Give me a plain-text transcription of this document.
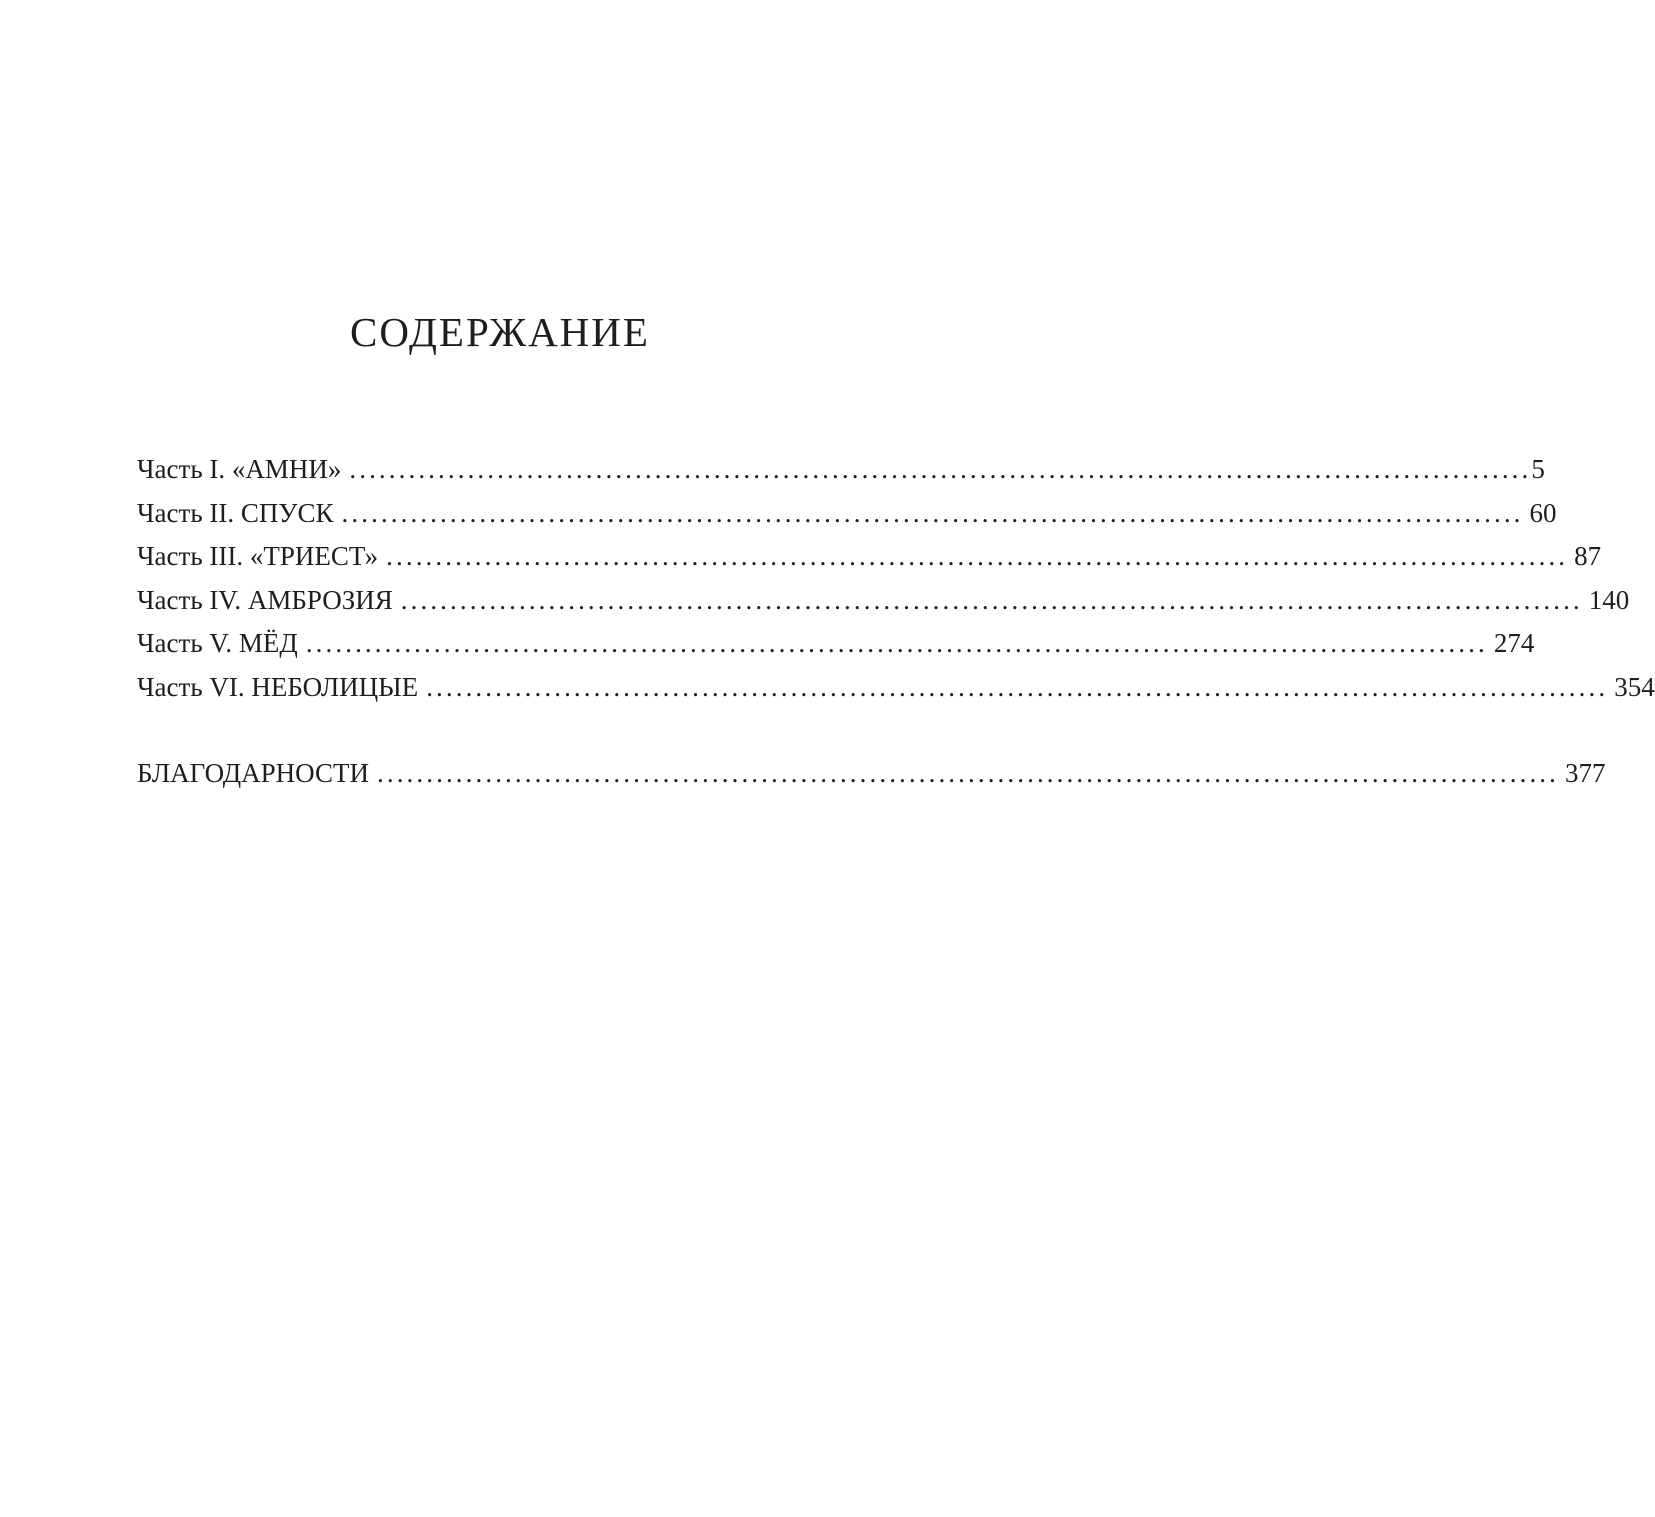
СОДЕРЖАНИЕ
Часть I. «АМНИ» ........................................................................................................................ 5
Часть II. СПУСК ........................................................................................................................ 60
Часть III. «ТРИЕСТ» ........................................................................................................................ 87
Часть IV. АМБРОЗИЯ ........................................................................................................................ 140
Часть V. МЁД ........................................................................................................................ 274
Часть VI. НЕБОЛИЦЫЕ ........................................................................................................................ 354
БЛАГОДАРНОСТИ ........................................................................................................................ 377
